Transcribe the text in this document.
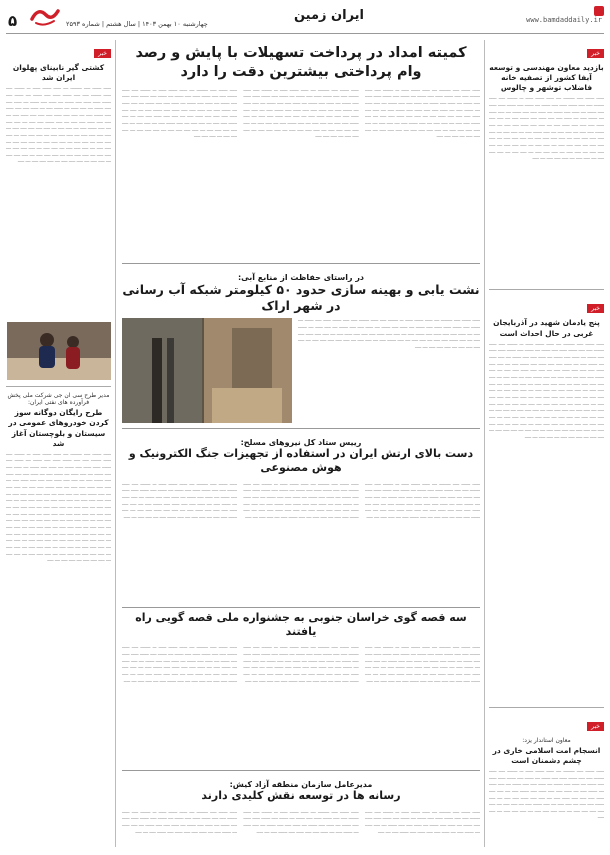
www.bamdaddaily.ir
ایران زمین
چهارشنبه ۱۰ بهمن ۱۴۰۳ | سال هشتم | شماره ۲۵۹۳
۵
خبر
بازدید معاون مهندسی و توسعه آبفا کشور از تصفیه خانه فاضلاب توشهر و چالوس
ــــــ ـــــــ ـــــ ـــــــــ ــــ ــــــ ـــــــ ــــــ ـــ ــــــــ ـــــ ــــــ ــــــــ ـــــ ـــــ ـــــــ ــــــ ـــــ ـــــــ ــــ ـــــــ ـــــ ـــــــ ــــــ ــــــ ـــــ ـــــــ ــــ ــــــ ـــــ ـــــــ ــــ ــــــ ـــــ ـــــ ـــــــ ــــ ـــــ ــــــ ــــ ـــــــ ـــــ ــــ ــــــ ـــــ ـــــ ــــــ ـــــ ـــــــ ـــــ ــــ ـــــ ـــــ ــــــ ـــــ ـــــ ـــــ ــــــ ـــــ ــــ ـــــ ـــــ ــــــ ـــــ ـــــ ــــ ـــــ ـــــــ ـــــ ـــــ ــــ ـــــ ـــــ ــــ ـــــ ـــــــ ـــــ ــــ ـــــ ـــــ ــــ ـــــ ـــــ ـــــ ـــــ ـــــ ــــ ـــــ ـــــ ـــــ ـــــ ــــ ـــــ ـــــ ـــــ ــــ ـــــ ـــــ ـــــ ــــ ـــــ ـــــ ـــــ ــــ ـــــ ـــــ ــــ ـــــ ـــــ ـــــ ــــ ـــــ ـــــ ـــــ ــــ ـــــ ـــــ ــــ ـــــ ـــــ ـــــ ــــ ـــــ ـــــ ــــ ـــــ ـــــ ـــــ ــــ ـــــ ـــــ ــــ ـــــ ـــــ ـــــ ــــ ـــــ
خبر
پنج یادمان شهید در آذربایجان غربی در حال احداث است
ــــــ ـــــــ ـــــ ـــــــــ ــــ ــــــ ـــــــ ــــــ ـــ ــــــــ ـــــ ــــــ ــــــــ ـــــ ـــــ ـــــــ ــــــ ـــــ ـــــــ ــــ ـــــــ ـــــ ـــــــ ــــــ ــــــ ـــــ ـــــــ ــــ ــــــ ـــــ ـــــــ ــــ ــــــ ـــــ ـــــ ـــــــ ــــ ـــــ ــــــ ــــ ـــــــ ـــــ ــــ ــــــ ـــــ ـــــ ــــــ ـــــ ـــــــ ـــــ ــــ ـــــ ـــــ ــــــ ـــــ ـــــ ـــــ ــــــ ـــــ ــــ ـــــ ـــــ ــــــ ـــــ ـــــ ــــ ـــــ ـــــــ ـــــ ـــــ ــــ ـــــ ـــــ ــــ ـــــ ـــــــ ـــــ ــــ ـــــ ـــــ ــــ ـــــ ـــــ ـــــ ـــــ ـــــ ــــ ـــــ ـــــ ـــــ ـــــ ــــ ـــــ ـــــ ـــــ ــــ ـــــ ـــــ ـــــ ــــ ـــــ ـــــ ـــــ ــــ ـــــ ـــــ ــــ ـــــ ـــــ ـــــ ــــ ـــــ ـــــ ـــــ ــــ ـــــ ـــــ ــــ ـــــ ـــــ ـــــ ــــ ـــــ ـــــ ــــ ـــــ ـــــ ـــــ ــــ ـــــ ـــــ ــــ ـــــ ـــــ ـــــ ــــ ـــــ ـــــ ـــــ ــــ ـــــ ـــــ ـــــ ــــ ـــــ ـــــ ــــ ـــــ ـــــ ـــــ ــــ ـــــ ـــــ ـــــ ــــ ـــــ ـــــ ــــ ـــــ ـــــ ـــــ ــــ ـــــ ـــــ ــــ ـــــ ـــــ ـــــ ــــ ـــــ ـــــ ــــ ـــــ ـــــ ـــــ ــــ ـــــ ـــــ ــــ ـــــ ـــــ ـــــ ــــ ـــــ ـــــ ــــ ـــــ ـــــ ـــــ ــــ ـــــ ـــــ ــــ ـــــ ـــــ ـــــ ــــ ـــــ ـــــ ــــ ـــــ ـــــ ـــــ ــــ ـــــ ـــــ ــــ ـــــ ـــــ ـــــ ــــ ـــــ ـــــ ــــ ـــــ
خبر
معاون استاندار یزد:
انسجام امت اسلامی خاری در چشم دشمنان است
ــــــ ـــــــ ـــــ ـــــــــ ــــ ــــــ ـــــــ ــــــ ـــ ــــــــ ـــــ ــــــ ــــــــ ـــــ ـــــ ـــــــ ــــــ ـــــ ـــــــ ــــ ـــــــ ـــــ ـــــــ ــــــ ــــــ ـــــ ـــــــ ــــ ــــــ ـــــ ـــــــ ــــ ــــــ ـــــ ـــــ ـــــــ ــــ ـــــ ــــــ ــــ ـــــــ ـــــ ــــ ــــــ ـــــ ـــــ ــــــ ـــــ ـــــــ ـــــ ــــ ـــــ ـــــ ــــــ ـــــ ـــــ ـــــ ــــــ ـــــ ــــ ـــــ ـــــ ــــــ ـــــ ـــــ ــــ ـــــ ـــــــ ـــــ ـــــ ــــ ـــــ ـــــ ــــ ـــــ ـــــــ ـــــ ــــ ـــــ ـــــ ــــ ـــــ ـــــ ـــــ ـــــ ـــــ ــــ ـــــ ـــــ ـــــ ـــــ ــــ ـــــ ـــــ ـــــ ــــ ـــــ ـــــ
خبر
کشتی گیر نابینای پهلوان ایران شد
ــــــ ـــــــ ـــــ ـــــــــ ــــ ــــــ ـــــــ ــــــ ـــ ــــــــ ـــــ ــــــ ــــــــ ـــــ ـــــ ـــــــ ــــــ ـــــ ـــــــ ــــ ـــــــ ـــــ ـــــــ ــــــ ــــــ ـــــ ـــــــ ــــ ــــــ ـــــ ـــــــ ــــ ــــــ ـــــ ـــــ ـــــــ ــــ ـــــ ــــــ ــــ ـــــــ ـــــ ــــ ــــــ ـــــ ـــــ ــــــ ـــــ ـــــــ ـــــ ــــ ـــــ ـــــ ــــــ ـــــ ـــــ ـــــ ــــــ ـــــ ــــ ـــــ ـــــ ــــــ ـــــ ـــــ ــــ ـــــ ـــــــ ـــــ ـــــ ــــ ـــــ ـــــ ــــ ـــــ ـــــــ ـــــ ــــ ـــــ ـــــ ــــ ـــــ ـــــ ـــــ ـــــ ـــــ ــــ ـــــ ـــــ ـــــ ـــــ ــــ ـــــ ـــــ ـــــ ــــ ـــــ ـــــ ـــــ ــــ ـــــ ـــــ ـــــ ــــ ـــــ ـــــ ــــ ـــــ ـــــ ـــــ ــــ ـــــ ـــــ ـــــ ــــ ـــــ ـــــ ــــ ـــــ ـــــ ـــــ ــــ ـــــ ـــــ ــــ ـــــ ـــــ ـــــ ــــ ـــــ ـــــ ــــ ـــــ ـــــ ـــــ ــــ ـــــ ـــــ ـــــ ــــ ـــــ ـــــ ـــــ ــــ ـــــ ـــــ ــــ ـــــ ـــــ ـــــ ــــ ـــــ ـــــ ـــــ ــــ ـــــ
مدیر طرح سی ان جی شرکت ملی پخش فرآورده های نفتی ایران:
طرح رایگان دوگانه سوز کردن خودروهای عمومی در سیستان و بلوچستان آغاز شد
ــــــ ـــــــ ـــــ ـــــــــ ــــ ــــــ ـــــــ ــــــ ـــ ــــــــ ـــــ ــــــ ــــــــ ـــــ ـــــ ـــــــ ــــــ ـــــ ـــــــ ــــ ـــــــ ـــــ ـــــــ ــــــ ــــــ ـــــ ـــــــ ــــ ــــــ ـــــ ـــــــ ــــ ــــــ ـــــ ـــــ ـــــــ ــــ ـــــ ــــــ ــــ ـــــــ ـــــ ــــ ــــــ ـــــ ـــــ ــــــ ـــــ ـــــــ ـــــ ــــ ـــــ ـــــ ــــــ ـــــ ـــــ ـــــ ــــــ ـــــ ــــ ـــــ ـــــ ــــــ ـــــ ـــــ ــــ ـــــ ـــــــ ـــــ ـــــ ــــ ـــــ ـــــ ــــ ـــــ ـــــــ ـــــ ــــ ـــــ ـــــ ــــ ـــــ ـــــ ـــــ ـــــ ـــــ ــــ ـــــ ـــــ ـــــ ـــــ ــــ ـــــ ـــــ ـــــ ــــ ـــــ ـــــ ـــــ ــــ ـــــ ـــــ ـــــ ــــ ـــــ ـــــ ــــ ـــــ ـــــ ـــــ ــــ ـــــ ـــــ ـــــ ــــ ـــــ ـــــ ــــ ـــــ ـــــ ـــــ ــــ ـــــ ـــــ ــــ ـــــ ـــــ ـــــ ــــ ـــــ ـــــ ــــ ـــــ ـــــ ـــــ ــــ ـــــ ـــــ ـــــ ــــ ـــــ ـــــ ـــــ ــــ ـــــ ـــــ ــــ ـــــ ـــــ ـــــ ــــ ـــــ ـــــ ـــــ ــــ ـــــ ـــــ ــــ ـــــ ـــــ ـــــ ــــ ـــــ ـــــ ــــ ـــــ ـــــ ـــــ ــــ ـــــ ـــــ ــــ ـــــ ـــــ ـــــ ــــ ـــــ ـــــ ــــ ـــــ ـــــ ـــــ ــــ ـــــ ـــــ ــــ ـــــ ـــــ ـــــ ــــ ـــــ ـــــ ــــ ـــــ ـــــ ـــــ ــــ ـــــ ـــــ ــــ ـــــ ـــــ ـــــ ــــ ـــــ ـــــ ــــ ـــــ ـــــ ـــــ ــــ ـــــ ـــــ ــــ ـــــ ـــــ ـــــ ــــ ـــــ ـــــ ــــ ـــــ
کمیته امداد در پرداخت تسهیلات با پایش و رصد وام پرداختی بیشترین دقت را دارد
ــــــ ـــــــ ـــــ ـــــــــ ــــ ــــــ ـــــــ ــــــ ـــ ــــــــ ـــــ ــــــ ــــــــ ـــــ ـــــ ـــــــ ــــــ ـــــ ـــــــ ــــ ـــــــ ـــــ ـــــــ ــــــ ــــــ ـــــ ـــــــ ــــ ــــــ ـــــ ـــــــ ــــ ــــــ ـــــ ـــــ ـــــــ ــــ ـــــ ــــــ ــــ ـــــــ ـــــ ــــ ــــــ ـــــ ـــــ ــــــ ـــــ ـــــــ ـــــ ــــ ـــــ ـــــ ــــــ ـــــ ـــــ ـــــ ــــــ ـــــ ــــ ـــــ ـــــ ــــــ ـــــ ـــــ ــــ ـــــ ـــــــ ـــــ ـــــ ــــ ـــــ ـــــ ــــ ـــــ ـــــــ ـــــ ــــ ـــــ ـــــ ــــ ـــــ ـــــ ـــــ ـــــ ـــــ ــــ ـــــ ـــــ ـــــ ـــــ ــــ ـــــ ـــــ ـــــ ــــ ـــــ ـــــ ـــــ ــــ ـــــ ـــــ ـــــ
ــــــ ـــــــ ـــــ ـــــــــ ــــ ــــــ ـــــــ ــــــ ـــ ــــــــ ـــــ ــــــ ــــــــ ـــــ ـــــ ـــــــ ــــــ ـــــ ـــــــ ــــ ـــــــ ـــــ ـــــــ ــــــ ــــــ ـــــ ـــــــ ــــ ــــــ ـــــ ـــــــ ــــ ــــــ ـــــ ـــــ ـــــــ ــــ ـــــ ــــــ ــــ ـــــــ ـــــ ــــ ــــــ ـــــ ـــــ ــــــ ـــــ ـــــــ ـــــ ــــ ـــــ ـــــ ــــــ ـــــ ـــــ ـــــ ــــــ ـــــ ــــ ـــــ ـــــ ــــــ ـــــ ـــــ ــــ ـــــ ـــــــ ـــــ ـــــ ــــ ـــــ ـــــ ــــ ـــــ ـــــــ ـــــ ــــ ـــــ ـــــ ــــ ـــــ ـــــ ـــــ ـــــ ـــــ ــــ ـــــ ـــــ ـــــ ـــــ ــــ ـــــ ـــــ ـــــ ــــ ـــــ ـــــ ـــــ ــــ ـــــ ـــــ ـــــ
ــــــ ـــــــ ـــــ ـــــــــ ــــ ــــــ ـــــــ ــــــ ـــ ــــــــ ـــــ ــــــ ــــــــ ـــــ ـــــ ـــــــ ــــــ ـــــ ـــــــ ــــ ـــــــ ـــــ ـــــــ ــــــ ــــــ ـــــ ـــــــ ــــ ــــــ ـــــ ـــــــ ــــ ــــــ ـــــ ـــــ ـــــــ ــــ ـــــ ــــــ ــــ ـــــــ ـــــ ــــ ــــــ ـــــ ـــــ ــــــ ـــــ ـــــــ ـــــ ــــ ـــــ ـــــ ــــــ ـــــ ـــــ ـــــ ــــــ ـــــ ــــ ـــــ ـــــ ــــــ ـــــ ـــــ ــــ ـــــ ـــــــ ـــــ ـــــ ــــ ـــــ ـــــ ــــ ـــــ ـــــــ ـــــ ــــ ـــــ ـــــ ــــ ـــــ ـــــ ـــــ ـــــ ـــــ ــــ ـــــ ـــــ ـــــ ـــــ ــــ ـــــ ـــــ ـــــ ــــ ـــــ ـــــ ـــــ ــــ ـــــ ـــــ ـــــ
در راستای حفاظت از منابع آبی:
نشت یابی و بهینه سازی حدود ۵۰ کیلومتر شبکه آب رسانی در شهر اراک
ــــــ ـــــــ ـــــ ـــــــــ ــــ ــــــ ـــــــ ــــــ ـــ ــــــــ ـــــ ــــــ ــــــــ ـــــ ـــــ ـــــــ ــــــ ـــــ ـــــــ ــــ ـــــــ ـــــ ـــــــ ــــــ ــــــ ـــــ ـــــــ ــــ ــــــ ـــــ ـــــــ ــــ ــــــ ـــــ ـــــ ـــــــ ــــ ـــــ ــــــ ــــ ـــــــ ـــــ ــــ ــــــ ـــــ ـــــ ــــــ ـــــ ـــــــ ـــــ ــــ ـــــ ـــــ ــــــ ـــــ ـــــ ـــــ ــــــ ـــــ ــــ ـــــ ـــــ ــــــ ـــــ ـــــ ــــ ـــــ ـــــــ ـــــ ـــــ ــــ ـــــ ـــــ ــــ ـــــ ـــــــ ـــــ ــــ ـــــ ـــــ ــــ ـــــ ـــــ ـــــ ـــــ ـــــ ــــ ـــــ ـــــ ـــــ ـــــ ــــ ـــــ ـــــ ـــــ ــــ ـــــ
رییس ستاد کل نیروهای مسلح:
دست بالای ارتش ایران در استفاده از تجهیزات جنگ الکترونیک و هوش مصنوعی
ــــــ ـــــــ ـــــ ـــــــــ ــــ ــــــ ـــــــ ــــــ ـــ ــــــــ ـــــ ــــــ ــــــــ ـــــ ـــــ ـــــــ ــــــ ـــــ ـــــــ ــــ ـــــــ ـــــ ـــــــ ــــــ ــــــ ـــــ ـــــــ ــــ ــــــ ـــــ ـــــــ ــــ ــــــ ـــــ ـــــ ـــــــ ــــ ـــــ ــــــ ــــ ـــــــ ـــــ ــــ ــــــ ـــــ ـــــ ــــــ ـــــ ـــــــ ـــــ ــــ ـــــ ـــــ ــــــ ـــــ ـــــ ـــــ ــــــ ـــــ ــــ ـــــ ـــــ ــــــ ـــــ ـــــ ــــ ـــــ ـــــــ ـــــ ـــــ ــــ ـــــ ـــــ ــــ ـــــ ـــــــ ـــــ ــــ ـــــ ـــــ ــــ ـــــ
ــــــ ـــــــ ـــــ ـــــــــ ــــ ــــــ ـــــــ ــــــ ـــ ــــــــ ـــــ ــــــ ــــــــ ـــــ ـــــ ـــــــ ــــــ ـــــ ـــــــ ــــ ـــــــ ـــــ ـــــــ ــــــ ــــــ ـــــ ـــــــ ــــ ــــــ ـــــ ـــــــ ــــ ــــــ ـــــ ـــــ ـــــــ ــــ ـــــ ــــــ ــــ ـــــــ ـــــ ــــ ــــــ ـــــ ـــــ ــــــ ـــــ ـــــــ ـــــ ــــ ـــــ ـــــ ــــــ ـــــ ـــــ ـــــ ــــــ ـــــ ــــ ـــــ ـــــ ــــــ ـــــ ـــــ ــــ ـــــ ـــــــ ـــــ ـــــ ــــ ـــــ ـــــ ــــ ـــــ ـــــــ ـــــ ــــ ـــــ ـــــ ــــ ـــــ
ــــــ ـــــــ ـــــ ـــــــــ ــــ ــــــ ـــــــ ــــــ ـــ ــــــــ ـــــ ــــــ ــــــــ ـــــ ـــــ ـــــــ ــــــ ـــــ ـــــــ ــــ ـــــــ ـــــ ـــــــ ــــــ ــــــ ـــــ ـــــــ ــــ ــــــ ـــــ ـــــــ ــــ ــــــ ـــــ ـــــ ـــــــ ــــ ـــــ ــــــ ــــ ـــــــ ـــــ ــــ ــــــ ـــــ ـــــ ــــــ ـــــ ـــــــ ـــــ ــــ ـــــ ـــــ ــــــ ـــــ ـــــ ـــــ ــــــ ـــــ ــــ ـــــ ـــــ ــــــ ـــــ ـــــ ــــ ـــــ ـــــــ ـــــ ـــــ ــــ ـــــ ـــــ ــــ ـــــ ـــــــ ـــــ ــــ ـــــ ـــــ ــــ ـــــ
سه قصه گوی خراسان جنوبی به جشنواره ملی قصه گویی راه یافتند
ــــــ ـــــــ ـــــ ـــــــــ ــــ ــــــ ـــــــ ــــــ ـــ ــــــــ ـــــ ــــــ ــــــــ ـــــ ـــــ ـــــــ ــــــ ـــــ ـــــــ ــــ ـــــــ ـــــ ـــــــ ــــــ ــــــ ـــــ ـــــــ ــــ ــــــ ـــــ ـــــــ ــــ ــــــ ـــــ ـــــ ـــــــ ــــ ـــــ ــــــ ــــ ـــــــ ـــــ ــــ ــــــ ـــــ ـــــ ــــــ ـــــ ـــــــ ـــــ ــــ ـــــ ـــــ ــــــ ـــــ ـــــ ـــــ ــــــ ـــــ ــــ ـــــ ـــــ ــــــ ـــــ ـــــ ــــ ـــــ ـــــــ ـــــ ـــــ ــــ ـــــ ـــــ ــــ ـــــ ـــــــ ـــــ ــــ ـــــ ـــــ ــــ ـــــ
ــــــ ـــــــ ـــــ ـــــــــ ــــ ــــــ ـــــــ ــــــ ـــ ــــــــ ـــــ ــــــ ــــــــ ـــــ ـــــ ـــــــ ــــــ ـــــ ـــــــ ــــ ـــــــ ـــــ ـــــــ ــــــ ــــــ ـــــ ـــــــ ــــ ــــــ ـــــ ـــــــ ــــ ــــــ ـــــ ـــــ ـــــــ ــــ ـــــ ــــــ ــــ ـــــــ ـــــ ــــ ــــــ ـــــ ـــــ ــــــ ـــــ ـــــــ ـــــ ــــ ـــــ ـــــ ــــــ ـــــ ـــــ ـــــ ــــــ ـــــ ــــ ـــــ ـــــ ــــــ ـــــ ـــــ ــــ ـــــ ـــــــ ـــــ ـــــ ــــ ـــــ ـــــ ــــ ـــــ ـــــــ ـــــ ــــ ـــــ ـــــ ــــ ـــــ
ــــــ ـــــــ ـــــ ـــــــــ ــــ ــــــ ـــــــ ــــــ ـــ ــــــــ ـــــ ــــــ ــــــــ ـــــ ـــــ ـــــــ ــــــ ـــــ ـــــــ ــــ ـــــــ ـــــ ـــــــ ــــــ ــــــ ـــــ ـــــــ ــــ ــــــ ـــــ ـــــــ ــــ ــــــ ـــــ ـــــ ـــــــ ــــ ـــــ ــــــ ــــ ـــــــ ـــــ ــــ ــــــ ـــــ ـــــ ــــــ ـــــ ـــــــ ـــــ ــــ ـــــ ـــــ ــــــ ـــــ ـــــ ـــــ ــــــ ـــــ ــــ ـــــ ـــــ ــــــ ـــــ ـــــ ــــ ـــــ ـــــــ ـــــ ـــــ ــــ ـــــ ـــــ ــــ ـــــ ـــــــ ـــــ ــــ ـــــ ـــــ ــــ ـــــ
مدیرعامل سازمان منطقه آزاد کیش:
رسانه ها در توسعه نقش کلیدی دارند
ــــــ ـــــــ ـــــ ـــــــــ ــــ ــــــ ـــــــ ــــــ ـــ ــــــــ ـــــ ــــــ ــــــــ ـــــ ـــــ ـــــــ ــــــ ـــــ ـــــــ ــــ ـــــــ ـــــ ـــــــ ــــــ ــــــ ـــــ ـــــــ ــــ ــــــ ـــــ ـــــــ ــــ ــــــ ـــــ ـــــ ـــــــ ــــ ـــــ ــــــ ــــ ـــــــ ـــــ ــــ ــــــ ـــــ ـــــ ــــــ ـــــ ـــــــ ـــــ ــــ ـــــ
ــــــ ـــــــ ـــــ ـــــــــ ــــ ــــــ ـــــــ ــــــ ـــ ــــــــ ـــــ ــــــ ــــــــ ـــــ ـــــ ـــــــ ــــــ ـــــ ـــــــ ــــ ـــــــ ـــــ ـــــــ ــــــ ــــــ ـــــ ـــــــ ــــ ــــــ ـــــ ـــــــ ــــ ــــــ ـــــ ـــــ ـــــــ ــــ ـــــ ــــــ ــــ ـــــــ ـــــ ــــ ــــــ ـــــ ـــــ ــــــ ـــــ ـــــــ ـــــ ــــ ـــــ
ــــــ ـــــــ ـــــ ـــــــــ ــــ ــــــ ـــــــ ــــــ ـــ ــــــــ ـــــ ــــــ ــــــــ ـــــ ـــــ ـــــــ ــــــ ـــــ ـــــــ ــــ ـــــــ ـــــ ـــــــ ــــــ ــــــ ـــــ ـــــــ ــــ ــــــ ـــــ ـــــــ ــــ ــــــ ـــــ ـــــ ـــــــ ــــ ـــــ ــــــ ــــ ـــــــ ـــــ ــــ ــــــ ـــــ ـــــ ــــــ ـــــ ـــــــ ـــــ ــــ ـــــ
